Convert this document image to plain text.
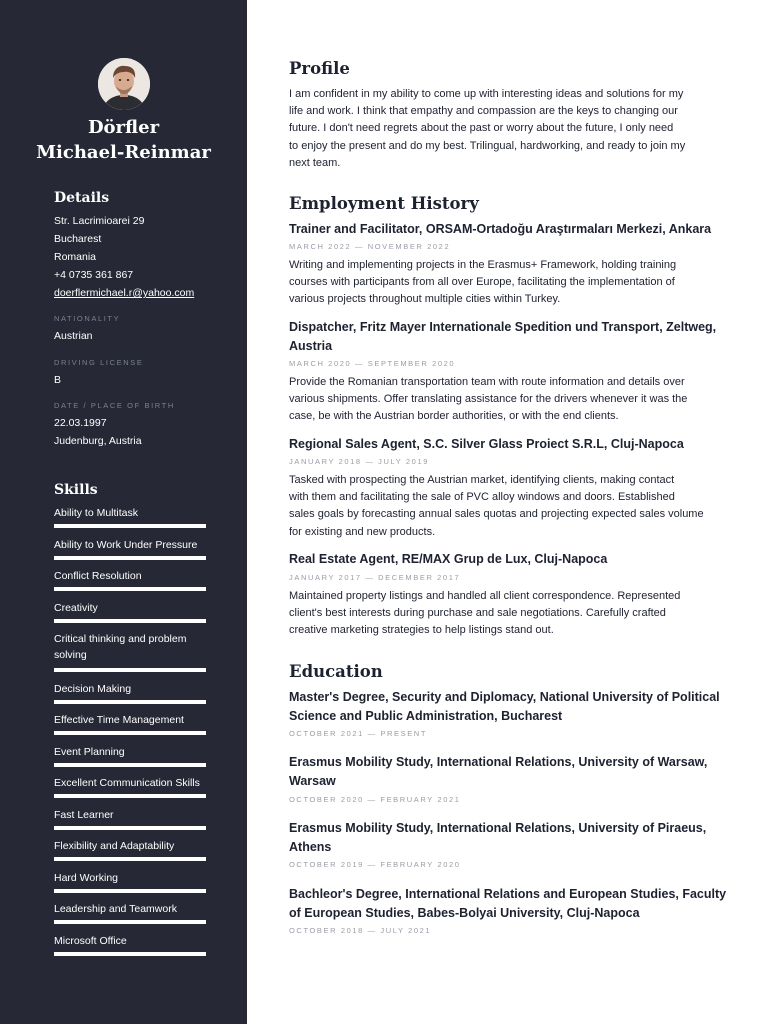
Dörfler
Michael-Reinmar
Details
Str. Lacrimioarei 29
Bucharest
Romania
+4 0735 361 867
doerflermichael.r@yahoo.com
NATIONALITY
Austrian
DRIVING LICENSE
B
DATE / PLACE OF BIRTH
22.03.1997
Judenburg, Austria
Skills
Ability to Multitask
Ability to Work Under Pressure
Conflict Resolution
Creativity
Critical thinking and problem solving
Decision Making
Effective Time Management
Event Planning
Excellent Communication Skills
Fast Learner
Flexibility and Adaptability
Hard Working
Leadership and Teamwork
Microsoft Office
Profile
I am confident in my ability to come up with interesting ideas and solutions for my
life and work. I think that empathy and compassion are the keys to changing our
future. I don't need regrets about the past or worry about the future, I only need
to enjoy the present and do my best. Trilingual, hardworking, and ready to join my
next team.
Employment History
Trainer and Facilitator, ORSAM-Ortadoğu Araştırmaları Merkezi, Ankara
MARCH 2022 — NOVEMBER 2022
Writing and implementing projects in the Erasmus+ Framework, holding training
courses with participants from all over Europe, facilitating the implementation of
various projects throughout multiple cities within Turkey.
Dispatcher, Fritz Mayer Internationale Spedition und Transport, Zeltweg,
Austria
MARCH 2020 — SEPTEMBER 2020
Provide the Romanian transportation team with route information and details over
various shipments. Offer translating assistance for the drivers whenever it was the
case, be with the Austrian border authorities, or with the end clients.
Regional Sales Agent, S.C. Silver Glass Proiect S.R.L, Cluj-Napoca
JANUARY 2018 — JULY 2019
Tasked with prospecting the Austrian market, identifying clients, making contact
with them and facilitating the sale of PVC alloy windows and doors. Established
sales goals by forecasting annual sales quotas and projecting expected sales volume
for existing and new products.
Real Estate Agent, RE/MAX Grup de Lux, Cluj-Napoca
JANUARY 2017 — DECEMBER 2017
Maintained property listings and handled all client correspondence. Represented
client's best interests during purchase and sale negotiations. Carefully crafted
creative marketing strategies to help listings stand out.
Education
Master's Degree, Security and Diplomacy, National University of Political
Science and Public Administration, Bucharest
OCTOBER 2021 — PRESENT
Erasmus Mobility Study, International Relations, University of Warsaw,
Warsaw
OCTOBER 2020 — FEBRUARY 2021
Erasmus Mobility Study, International Relations, University of Piraeus,
Athens
OCTOBER 2019 — FEBRUARY 2020
Bachleor's Degree, International Relations and European Studies, Faculty
of European Studies, Babes-Bolyai University, Cluj-Napoca
OCTOBER 2018 — JULY 2021
